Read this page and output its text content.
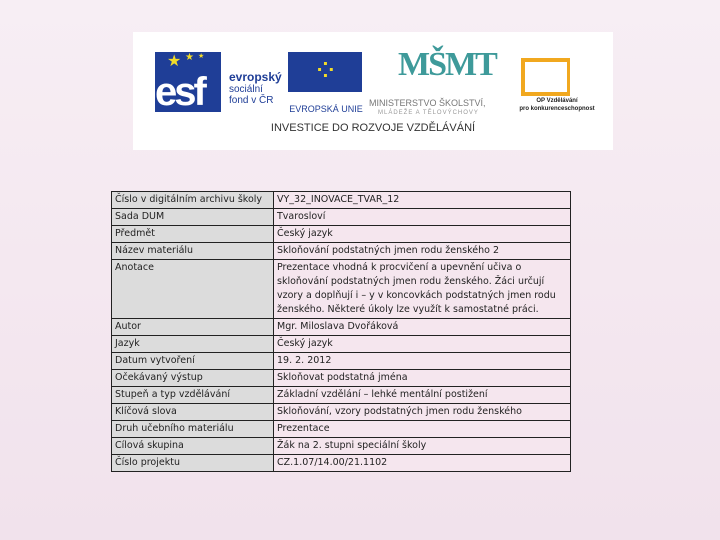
★ ★ ★
esf evropský
sociální
fond v ČR
⁘
EVROPSKÁ UNIE
MŠMT
MINISTERSTVO ŠKOLSTVÍ,
MLÁDEŽE A TĚLOVÝCHOVY
OP Vzdělávání
pro konkurenceschopnost
INVESTICE DO ROZVOJE VZDĚLÁVÁNÍ
Číslo v digitálním archivu školy	VY_32_INOVACE_TVAR_12
Sada DUM	Tvarosloví
Předmět	Český jazyk
Název materiálu	Skloňování podstatných jmen rodu ženského 2
Anotace	Prezentace vhodná k procvičení a upevnění učiva o skloňování podstatných jmen rodu ženského. Žáci určují vzory a doplňují i – y v koncovkách podstatných jmen rodu ženského. Některé úkoly lze využít k samostatné práci.
Autor	Mgr. Miloslava Dvořáková
Jazyk	Český jazyk
Datum vytvoření	19. 2. 2012
Očekávaný výstup	Skloňovat podstatná jména
Stupeň a typ vzdělávání	Základní vzdělání – lehké mentální postižení
Klíčová slova	Skloňování, vzory podstatných jmen rodu ženského
Druh učebního materiálu	Prezentace
Cílová skupina	Žák na 2. stupni speciální školy
Číslo projektu	CZ.1.07/14.00/21.1102
